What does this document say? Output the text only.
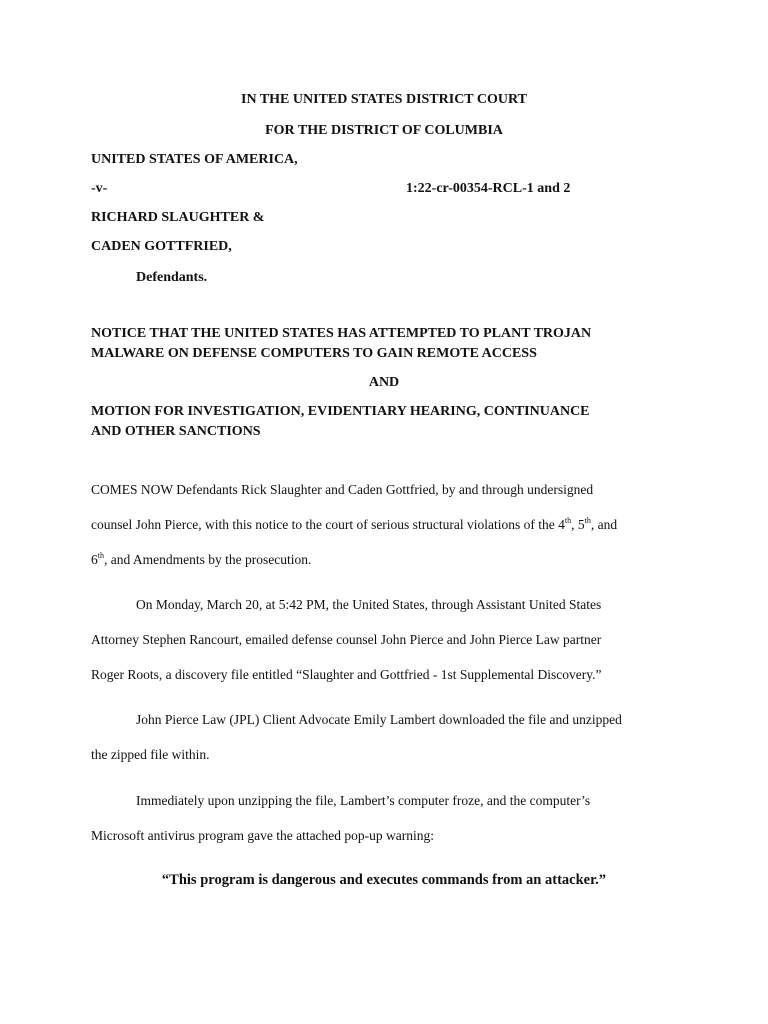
IN THE UNITED STATES DISTRICT COURT
FOR THE DISTRICT OF COLUMBIA
UNITED STATES OF AMERICA,
-v-	1:22-cr-00354-RCL-1 and 2
RICHARD SLAUGHTER &
CADEN GOTTFRIED,
Defendants.
NOTICE THAT THE UNITED STATES HAS ATTEMPTED TO PLANT TROJAN
MALWARE ON DEFENSE COMPUTERS TO GAIN REMOTE ACCESS
AND
MOTION FOR INVESTIGATION, EVIDENTIARY HEARING, CONTINUANCE
AND OTHER SANCTIONS
COMES NOW Defendants Rick Slaughter and Caden Gottfried, by and through undersigned
counsel John Pierce, with this notice to the court of serious structural violations of the 4th, 5th, and
6th, and Amendments by the prosecution.
On Monday, March 20, at 5:42 PM, the United States, through Assistant United States
Attorney Stephen Rancourt, emailed defense counsel John Pierce and John Pierce Law partner
Roger Roots, a discovery file entitled “Slaughter and Gottfried - 1st Supplemental Discovery.”
John Pierce Law (JPL) Client Advocate Emily Lambert downloaded the file and unzipped
the zipped file within.
Immediately upon unzipping the file, Lambert’s computer froze, and the computer’s
Microsoft antivirus program gave the attached pop-up warning:
“This program is dangerous and executes commands from an attacker.”
